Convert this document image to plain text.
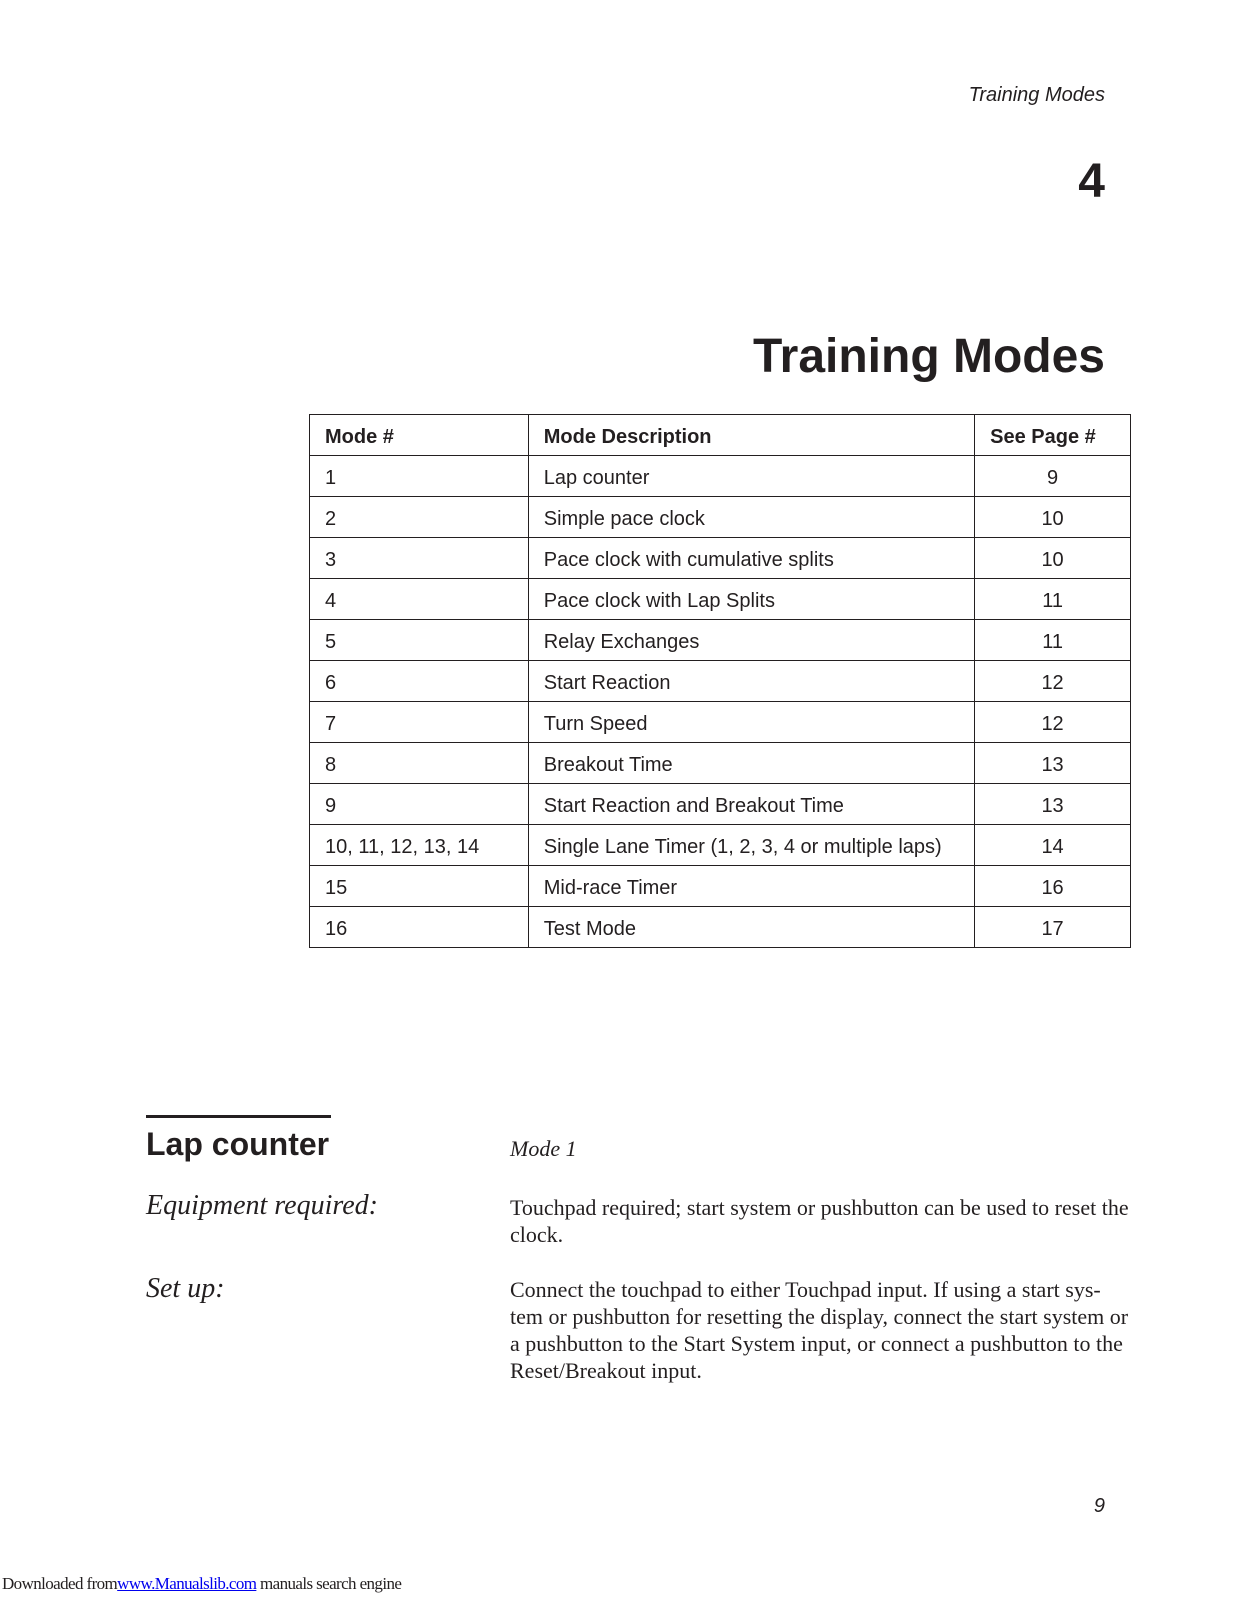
Training Modes
4
Training Modes
Mode #	Mode Description	See Page #
1	Lap counter	9
2	Simple pace clock	10
3	Pace clock with cumulative splits	10
4	Pace clock with Lap Splits	11
5	Relay Exchanges	11
6	Start Reaction	12
7	Turn Speed	12
8	Breakout Time	13
9	Start Reaction and Breakout Time	13
10, 11, 12, 13, 14	Single Lane Timer (1, 2, 3, 4 or multiple laps)	14
15	Mid-race Timer	16
16	Test Mode	17
Lap counter	Mode 1
Equipment required:	Touchpad required; start system or pushbutton can be used to reset the clock.

Set up:	Connect the touchpad to either Touchpad input. If using a start sys-tem or pushbutton for resetting the display, connect the start system or a pushbutton to the Start System input, or connect a pushbutton to the Reset/Breakout input.

9
Downloaded fromwww.Manualslib.com manuals search engine
